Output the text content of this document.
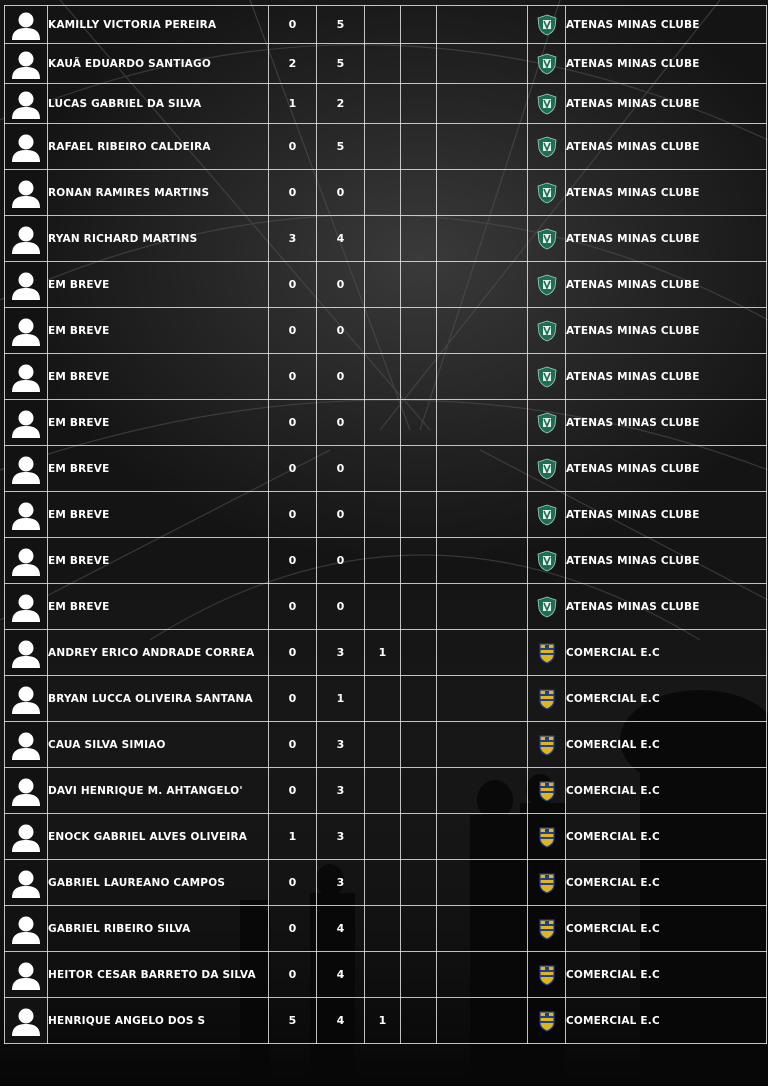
	KAMILLY VICTORIA PEREIRA	0	5					ATENAS MINAS CLUBE

	KAUÃ EDUARDO SANTIAGO	2	5					ATENAS MINAS CLUBE

	LUCAS GABRIEL DA SILVA	1	2					ATENAS MINAS CLUBE

	RAFAEL RIBEIRO CALDEIRA	0	5					ATENAS MINAS CLUBE

	RONAN RAMIRES MARTINS	0	0					ATENAS MINAS CLUBE

	RYAN RICHARD MARTINS	3	4					ATENAS MINAS CLUBE

	EM BREVE	0	0					ATENAS MINAS CLUBE

	EM BREVE	0	0					ATENAS MINAS CLUBE

	EM BREVE	0	0					ATENAS MINAS CLUBE

	EM BREVE	0	0					ATENAS MINAS CLUBE

	EM BREVE	0	0					ATENAS MINAS CLUBE

	EM BREVE	0	0					ATENAS MINAS CLUBE

	EM BREVE	0	0					ATENAS MINAS CLUBE

	EM BREVE	0	0					ATENAS MINAS CLUBE

	ANDREY ERICO ANDRADE CORREA	0	3	1				COMERCIAL E.C

	BRYAN LUCCA OLIVEIRA SANTANA	0	1					COMERCIAL E.C

	CAUA SILVA SIMIAO	0	3					COMERCIAL E.C

	DAVI HENRIQUE M. AHTANGELO'	0	3					COMERCIAL E.C

	ENOCK GABRIEL ALVES OLIVEIRA	1	3					COMERCIAL E.C

	GABRIEL LAUREANO CAMPOS	0	3					COMERCIAL E.C

	GABRIEL RIBEIRO SILVA	0	4					COMERCIAL E.C

	HEITOR CESAR BARRETO DA SILVA	0	4					COMERCIAL E.C

	HENRIQUE ANGELO DOS S	5	4	1				COMERCIAL E.C
